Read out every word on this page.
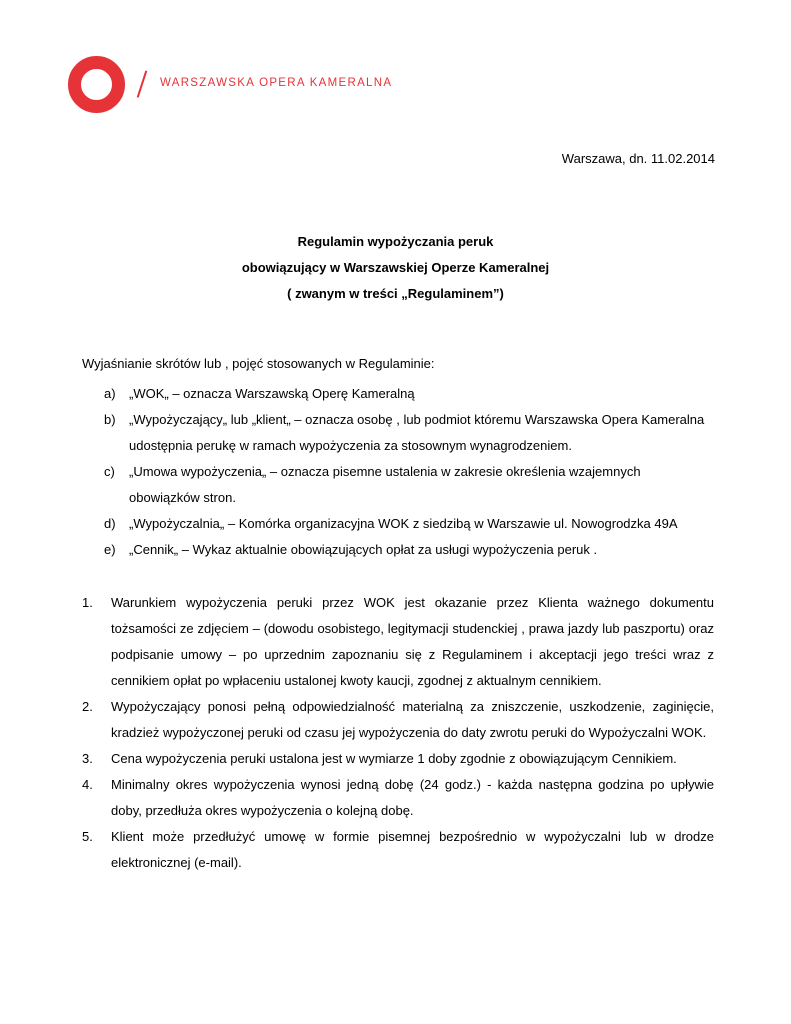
WARSZAWSKA OPERA KAMERALNA
Warszawa, dn. 11.02.2014
Regulamin wypożyczania peruk
obowiązujący w Warszawskiej Operze Kameralnej
( zwanym w treści „Regulaminem”)
Wyjaśnianie skrótów lub , pojęć stosowanych w Regulaminie:
a) „WOK„ – oznacza Warszawską Operę Kameralną
b) „Wypożyczający„ lub „klient„ – oznacza osobę , lub podmiot któremu Warszawska Opera Kameralna udostępnia perukę w ramach wypożyczenia za stosownym wynagrodzeniem.
c) „Umowa wypożyczenia„ – oznacza pisemne ustalenia w zakresie określenia wzajemnych obowiązków stron.
d) „Wypożyczalnia„ – Komórka organizacyjna WOK z siedzibą w Warszawie ul. Nowogrodzka 49A
e) „Cennik„ – Wykaz aktualnie obowiązujących opłat za usługi wypożyczenia peruk .
1. Warunkiem wypożyczenia peruki przez WOK jest okazanie przez Klienta ważnego dokumentu tożsamości ze zdjęciem – (dowodu osobistego, legitymacji studenckiej , prawa jazdy lub paszportu) oraz podpisanie umowy – po uprzednim zapoznaniu się z Regulaminem i akceptacji jego treści wraz z cennikiem opłat po wpłaceniu ustalonej kwoty kaucji, zgodnej z aktualnym cennikiem.
2. Wypożyczający ponosi pełną odpowiedzialność materialną za zniszczenie, uszkodzenie, zaginięcie, kradzież wypożyczonej peruki od czasu jej wypożyczenia do daty zwrotu peruki do Wypożyczalni WOK.
3. Cena wypożyczenia peruki ustalona jest w wymiarze 1 doby zgodnie z obowiązującym Cennikiem.
4. Minimalny okres wypożyczenia wynosi jedną dobę (24 godz.) - każda następna godzina po upływie doby, przedłuża okres wypożyczenia o kolejną dobę.
5. Klient może przedłużyć umowę w formie pisemnej bezpośrednio w wypożyczalni lub w drodze elektronicznej (e-mail).
